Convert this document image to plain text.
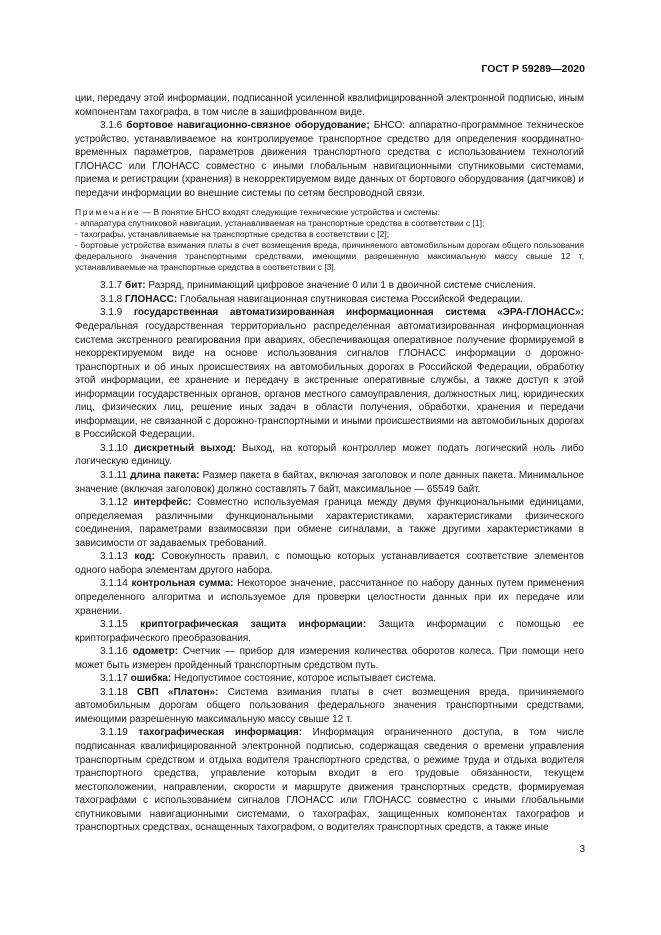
ГОСТ Р 59289—2020

ции, передачу этой информации, подписанной усиленной квалифицированной электронной подписью, иным компонентам тахографа, в том числе в зашифрованном виде.

3.1.6 бортовое навигационно-связное оборудование; БНСО: аппаратно-программное техническое устройство, устанавливаемое на контролируемое транспортное средство для определения координатно-временных параметров, параметров движения транспортного средства с использованием технологий ГЛОНАСС или ГЛОНАСС совместно с иными глобальным навигационными спутниковыми системами, приема и регистрации (хранения) в некорректируемом виде данных от бортового оборудования (датчиков) и передачи информации во внешние системы по сетям беспроводной связи.

Примечание — В понятие БНСО входят следующие технические устройства и системы:

- аппаратура спутниковой навигации, устанавливаемая на транспортные средства в соответствии с [1];

- тахографы, устанавливаемые на транспортные средства в соответствии с [2];

- бортовые устройства взимания платы в счет возмещения вреда, причиняемого автомобильным дорогам общего пользования федерального значения транспортными средствами, имеющими разрешенную максимальную массу свыше 12 т, устанавливаемые на транспортные средства в соответствии с [3].

3.1.7 бит: Разряд, принимающий цифровое значение 0 или 1 в двоичной системе счисления.

3.1.8 ГЛОНАСС: Глобальная навигационная спутниковая система Российской Федерации.

3.1.9 государственная автоматизированная информационная система «ЭРА-ГЛОНАСС»: Федеральная государственная территориально распределенная автоматизированная информационная система экстренного реагирования при авариях, обеспечивающая оперативное получение формируемой в некорректируемом виде на основе использования сигналов ГЛОНАСС информации о дорожно-транспортных и об иных происшествиях на автомобильных дорогах в Российской Федерации, обработку этой информации, ее хранение и передачу в экстренные оперативные службы, а также доступ к этой информации государственных органов, органов местного самоуправления, должностных лиц, юридических лиц, физических лиц, решение иных задач в области получения, обработки, хранения и передачи информации, не связанной с дорожно-транспортными и иными происшествиями на автомобильных дорогах в Российской Федерации.

3.1.10 дискретный выход: Выход, на который контроллер может подать логический ноль либо логическую единицу.

3.1.11 длина пакета: Размер пакета в байтах, включая заголовок и поле данных пакета. Минимальное значение (включая заголовок) должно составлять 7 байт, максимальное — 65549 байт.

3.1.12 интерфейс: Совместно используемая граница между двумя функциональными единицами, определяемая различными функциональными характеристиками, характеристиками физического соединения, параметрами взаимосвязи при обмене сигналами, а также другими характеристиками в зависимости от задаваемых требований.

3.1.13 код: Совокупность правил, с помощью которых устанавливается соответствие элементов одного набора элементам другого набора.

3.1.14 контрольная сумма: Некоторое значение, рассчитанное по набору данных путем применения определенного алгоритма и используемое для проверки целостности данных при их передаче или хранении.

3.1.15 криптографическая защита информации: Защита информации с помощью ее криптографического преобразования.

3.1.16 одометр: Счетчик — прибор для измерения количества оборотов колеса. При помощи него может быть измерен пройденный транспортным средством путь.

3.1.17 ошибка: Недопустимое состояние, которое испытывает система.

3.1.18 СВП «Платон»: Система взимания платы в счет возмещения вреда, причиняемого автомобильным дорогам общего пользования федерального значения транспортными средствами, имеющими разрешенную максимальную массу свыше 12 т.

3.1.19 тахографическая информация: Информация ограниченного доступа, в том числе подписанная квалифицированной электронной подписью, содержащая сведения о времени управления транспортным средством и отдыха водителя транспортного средства, о режиме труда и отдыха водителя транспортного средства, управление которым входит в его трудовые обязанности, текущем местоположении, направлении, скорости и маршруте движения транспортных средств, формируемая тахографами с использованием сигналов ГЛОНАСС или ГЛОНАСС совместно с иными глобальными спутниковыми навигационными системами, о тахографах, защищенных компонентах тахографов и транспортных средствах, оснащенных тахографом, о водителях транспортных средств, а также иные

3
